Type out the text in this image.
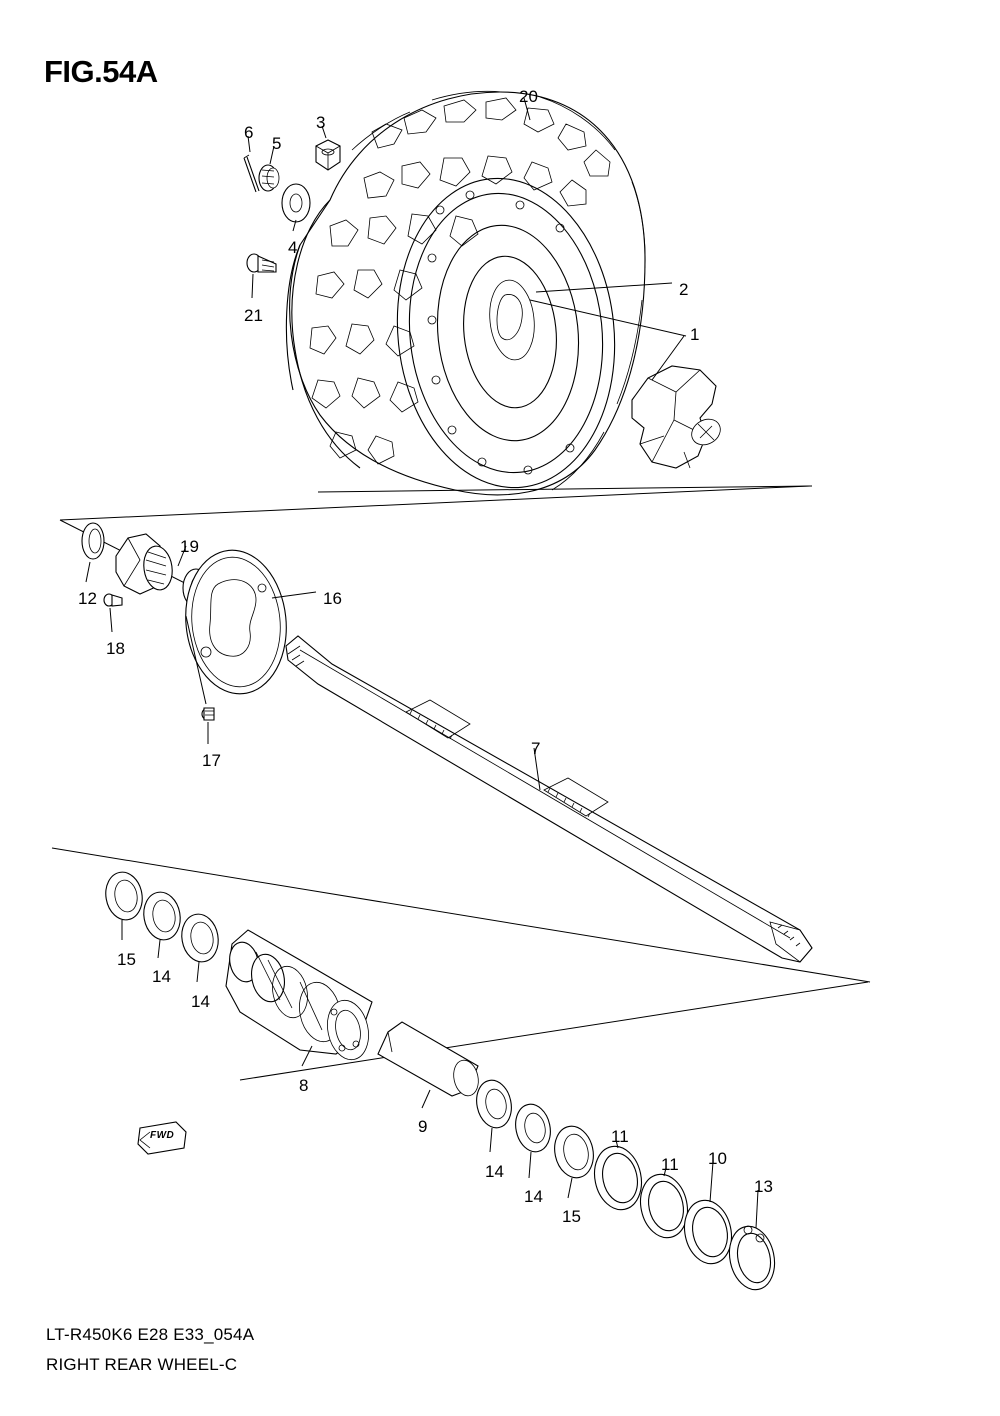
FIG.54A
FWD
20
6
5
3
4
21
2
1
19
12
18
16
17
7
15
14
14
8
9
14
14
15
11
11 10
13
LT-R450K6 E28 E33_054A
RIGHT REAR WHEEL-C
